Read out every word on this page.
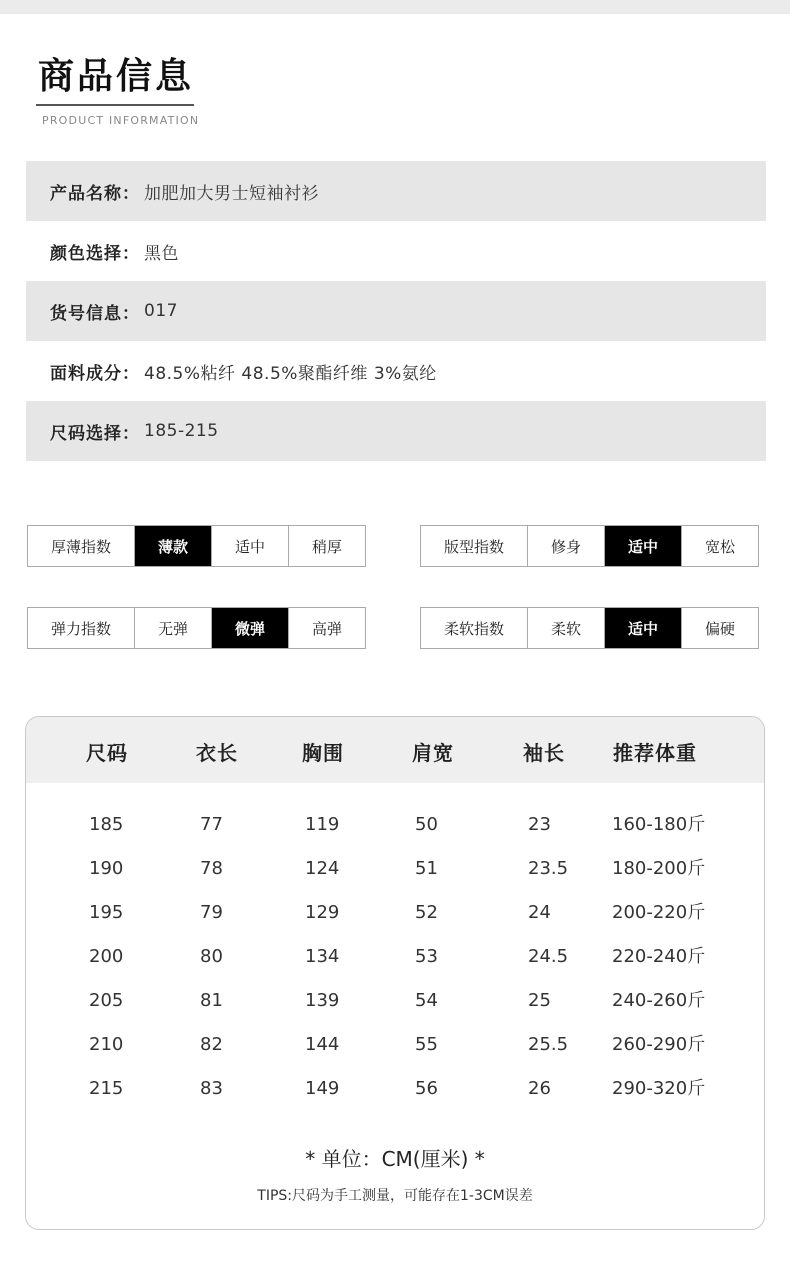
商品信息
PRODUCT INFORMATION
产品名称： 加肥加大男士短袖衬衫
颜色选择： 黑色
货号信息： 017
面料成分： 48.5%粘纤 48.5%聚酯纤维 3%氨纶
尺码选择： 185-215
厚薄指数	薄款	适中	稍厚	版型指数	修身	适中	宽松
弹力指数	无弹	微弹	高弹	柔软指数	柔软	适中	偏硬
尺码	衣长	胸围	肩宽	袖长 推荐体重
185	77	119	50	23	160-180斤
190	78	124	51	23.5 180-200斤
195	79	129	52	24	200-220斤
200	80	134	53	24.5 220-240斤
205	81	139	54	25	240-260斤
210	82	144	55	25.5 260-290斤
215	83	149	56	26	290-320斤
* 单位：CM(厘米) *
TIPS:尺码为手工测量，可能存在1-3CM误差
